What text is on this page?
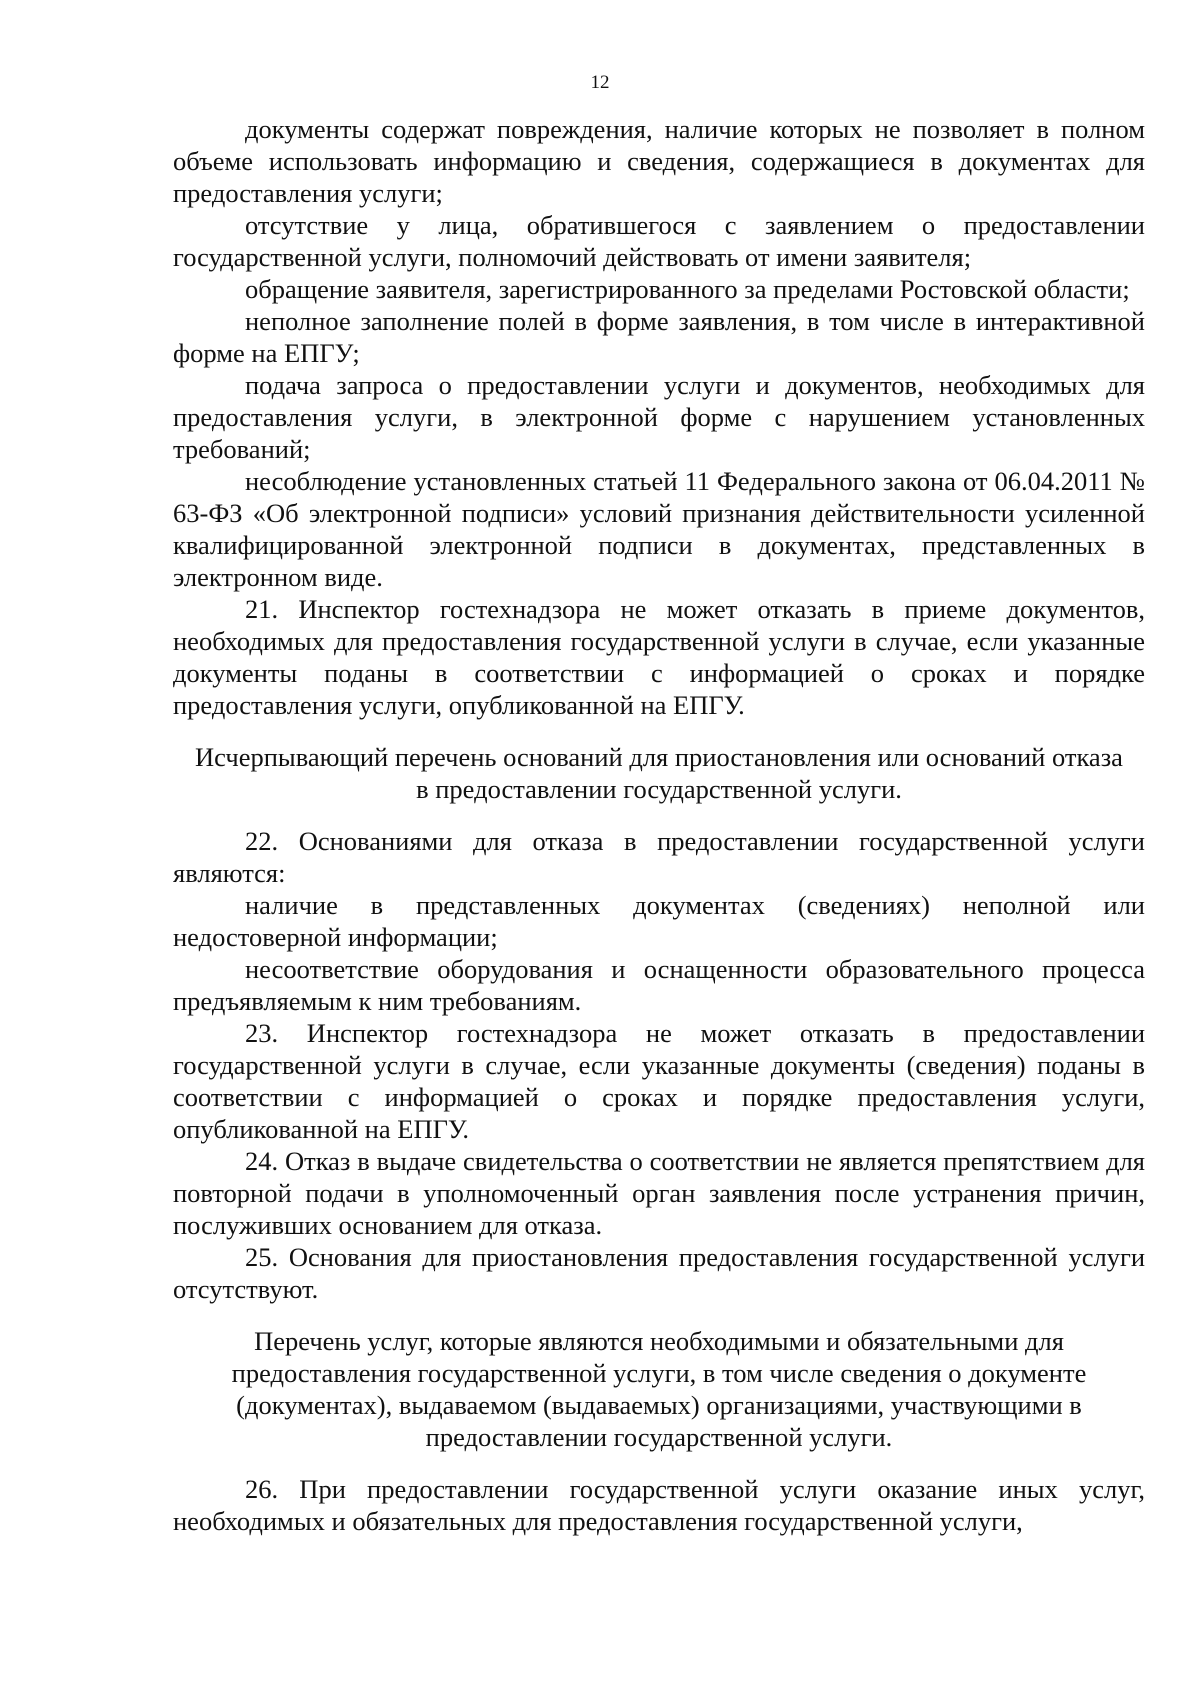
12

документы содержат повреждения, наличие которых не позволяет в полном объеме использовать информацию и сведения, содержащиеся в документах для предоставления услуги;

отсутствие у лица, обратившегося с заявлением о предоставлении государственной услуги, полномочий действовать от имени заявителя;

обращение заявителя, зарегистрированного за пределами Ростовской области;

неполное заполнение полей в форме заявления, в том числе в интерактивной форме на ЕПГУ;

подача запроса о предоставлении услуги и документов, необходимых для предоставления услуги, в электронной форме с нарушением установленных требований;

несоблюдение установленных статьей 11 Федерального закона от 06.04.2011 № 63-ФЗ «Об электронной подписи» условий признания действительности усиленной квалифицированной электронной подписи в документах, представленных в электронном виде.

21. Инспектор гостехнадзора не может отказать в приеме документов, необходимых для предоставления государственной услуги в случае, если указанные документы поданы в соответствии с информацией о сроках и порядке предоставления услуги, опубликованной на ЕПГУ.

Исчерпывающий перечень оснований для приостановления или оснований отказа в предоставлении государственной услуги.

22. Основаниями для отказа в предоставлении государственной услуги являются:

наличие в представленных документах (сведениях) неполной или недостоверной информации;

несоответствие оборудования и оснащенности образовательного процесса предъявляемым к ним требованиям.

23. Инспектор гостехнадзора не может отказать в предоставлении государственной услуги в случае, если указанные документы (сведения) поданы в соответствии с информацией о сроках и порядке предоставления услуги, опубликованной на ЕПГУ.

24. Отказ в выдаче свидетельства о соответствии не является препятствием для повторной подачи в уполномоченный орган заявления после устранения причин, послуживших основанием для отказа.

25. Основания для приостановления предоставления государственной услуги отсутствуют.

Перечень услуг, которые являются необходимыми и обязательными для предоставления государственной услуги, в том числе сведения о документе (документах), выдаваемом (выдаваемых) организациями, участвующими в предоставлении государственной услуги.

26. При предоставлении государственной услуги оказание иных услуг, необходимых и обязательных для предоставления государственной услуги,
